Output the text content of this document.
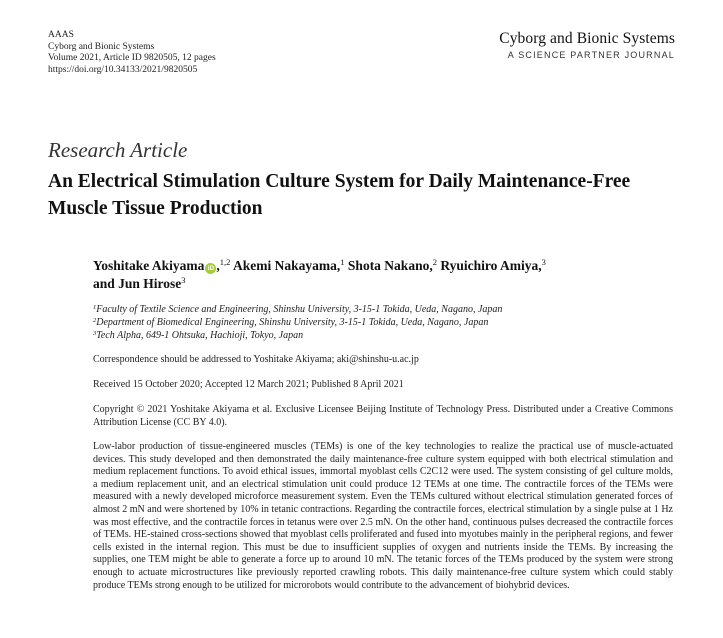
AAAS
Cyborg and Bionic Systems
Volume 2021, Article ID 9820505, 12 pages
https://doi.org/10.34133/2021/9820505
Cyborg and Bionic Systems
A SCIENCE PARTNER JOURNAL
Research Article
An Electrical Stimulation Culture System for Daily Maintenance-Free Muscle Tissue Production
Yoshitake Akiyama iD ,$^{1,2}$ Akemi Nakayama,$^1$ Shota Nakano,$^2$ Ryuichiro Amiya,$^3$
and Jun Hirose$^3$
$^1$Faculty of Textile Science and Engineering, Shinshu University, 3-15-1 Tokida, Ueda, Nagano, Japan
$^2$Department of Biomedical Engineering, Shinshu University, 3-15-1 Tokida, Ueda, Nagano, Japan
$^3$Tech Alpha, 649-1 Ohtsuka, Hachioji, Tokyo, Japan
Correspondence should be addressed to Yoshitake Akiyama; aki@shinshu-u.ac.jp
Received 15 October 2020; Accepted 12 March 2021; Published 8 April 2021
Copyright © 2021 Yoshitake Akiyama et al. Exclusive Licensee Beijing Institute of Technology Press. Distributed under a Creative Commons Attribution License (CC BY 4.0).
Low-labor production of tissue-engineered muscles (TEMs) is one of the key technologies to realize the practical use of muscle-actuated devices. This study developed and then demonstrated the daily maintenance-free culture system equipped with both electrical stimulation and medium replacement functions. To avoid ethical issues, immortal myoblast cells C2C12 were used. The system consisting of gel culture molds, a medium replacement unit, and an electrical stimulation unit could produce 12 TEMs at one time. The contractile forces of the TEMs were measured with a newly developed microforce measurement system. Even the TEMs cultured without electrical stimulation generated forces of almost 2 mN and were shortened by 10% in tetanic contractions. Regarding the contractile forces, electrical stimulation by a single pulse at 1 Hz was most effective, and the contractile forces in tetanus were over 2.5 mN. On the other hand, continuous pulses decreased the contractile forces of TEMs. HE-stained cross-sections showed that myoblast cells proliferated and fused into myotubes mainly in the peripheral regions, and fewer cells existed in the internal region. This must be due to insufficient supplies of oxygen and nutrients inside the TEMs. By increasing the supplies, one TEM might be able to generate a force up to around 10 mN. The tetanic forces of the TEMs produced by the system were strong enough to actuate microstructures like previously reported crawling robots. This daily maintenance-free culture system which could stably produce TEMs strong enough to be utilized for microrobots would contribute to the advancement of biohybrid devices.
